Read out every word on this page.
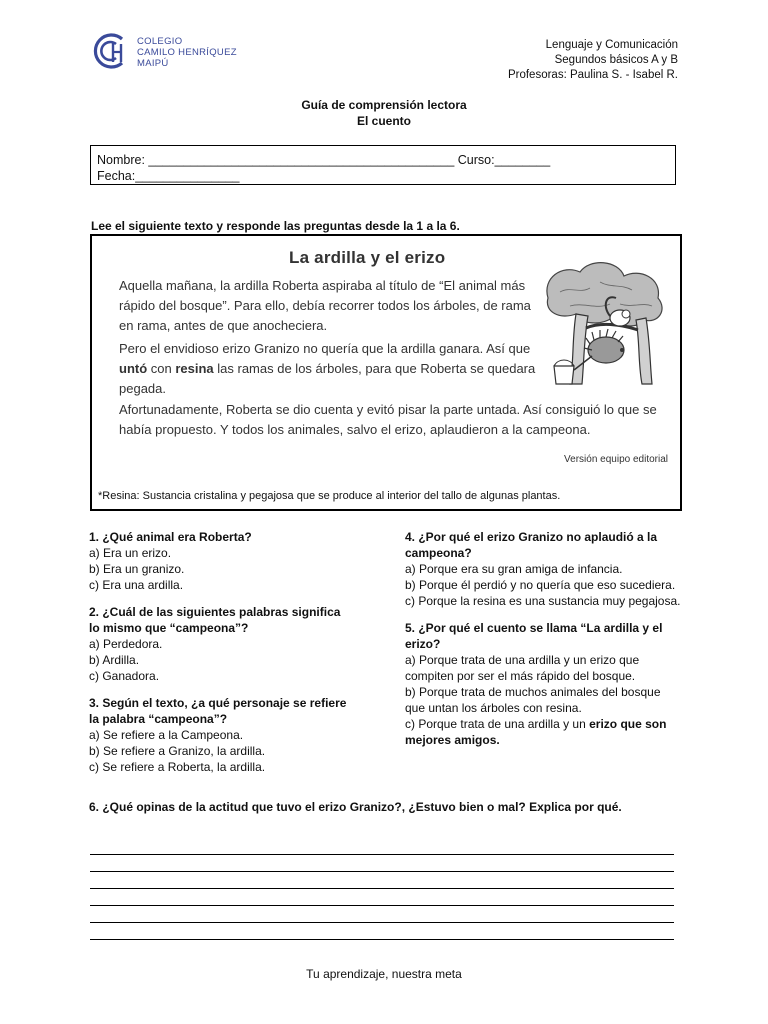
COLEGIO
CAMILO HENRÍQUEZ
MAIPÚ
Lenguaje y Comunicación
Segundos básicos A y B
Profesoras: Paulina S. - Isabel R.
Guía de comprensión lectora
El cuento
Nombre: ____________________________________________ Curso:________
Fecha:_______________
Lee el siguiente texto y responde las preguntas desde la 1 a la 6.
La ardilla y el erizo
Aquella mañana, la ardilla Roberta aspiraba al título de “El animal más rápido del bosque”. Para ello, debía recorrer todos los árboles, de rama en rama, antes de que anocheciera.
Pero el envidioso erizo Granizo no quería que la ardilla ganara. Así que untó con resina las ramas de los árboles, para que Roberta se quedara pegada.
Afortunadamente, Roberta se dio cuenta y evitó pisar la parte untada. Así consiguió lo que se había propuesto. Y todos los animales, salvo el erizo, aplaudieron a la campeona.
Versión equipo editorial
*Resina: Sustancia cristalina y pegajosa que se produce al interior del tallo de algunas plantas.

1. ¿Qué animal era Roberta?

a) Era un erizo.

b) Era un granizo.

c) Era una ardilla.

2. ¿Cuál de las siguientes palabras significa lo mismo que “campeona”?

a) Perdedora.

b) Ardilla.

c) Ganadora.

3. Según el texto, ¿a qué personaje se refiere la palabra “campeona”?

a) Se refiere a la Campeona.

b) Se refiere a Granizo, la ardilla.

c) Se refiere a Roberta, la ardilla.

4. ¿Por qué el erizo Granizo no aplaudió a la campeona?

a) Porque era su gran amiga de infancia.

b) Porque él perdió y no quería que eso sucediera.

c) Porque la resina es una sustancia muy pegajosa.

5. ¿Por qué el cuento se llama “La ardilla y el erizo?

a) Porque trata de una ardilla y un erizo que compiten por ser el más rápido del bosque.

b) Porque trata de muchos animales del bosque que untan los árboles con resina.

c) Porque trata de una ardilla y un erizo que son mejores amigos.

6. ¿Qué opinas de la actitud que tuvo el erizo Granizo?, ¿Estuvo bien o mal? Explica por qué.
Tu aprendizaje, nuestra meta
